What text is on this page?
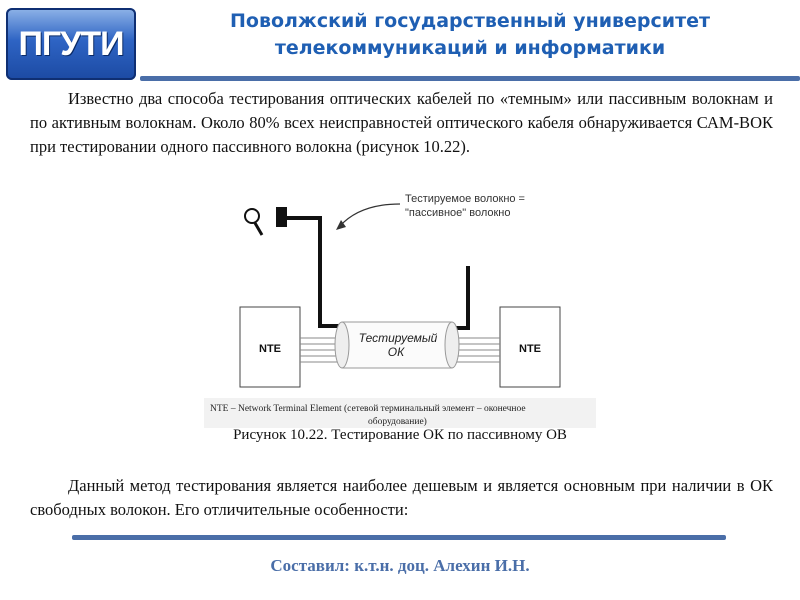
ПГУТИ
Поволжский государственный университет
телекоммуникаций и информатики
Известно два способа тестирования оптических кабелей по «темным» или пассивным волокнам и по активным волокнам. Около 80% всех неисправностей оптического кабеля обнаруживается САМ-ВОК при тестировании одного пассивного волокна (рисунок 10.22).
Тестируемое волокно =
"пассивное" волокно
NTE	NTE
Тестируемый
ОК
NTE – Network Terminal Element (сетевой терминальный элемент – оконечное
оборудование)
Рисунок 10.22. Тестирование ОК по пассивному ОВ
Данный метод тестирования является наиболее дешевым и является основным при наличии в ОК свободных волокон. Его отличительные особенности:
Составил: к.т.н. доц. Алехин И.Н.
